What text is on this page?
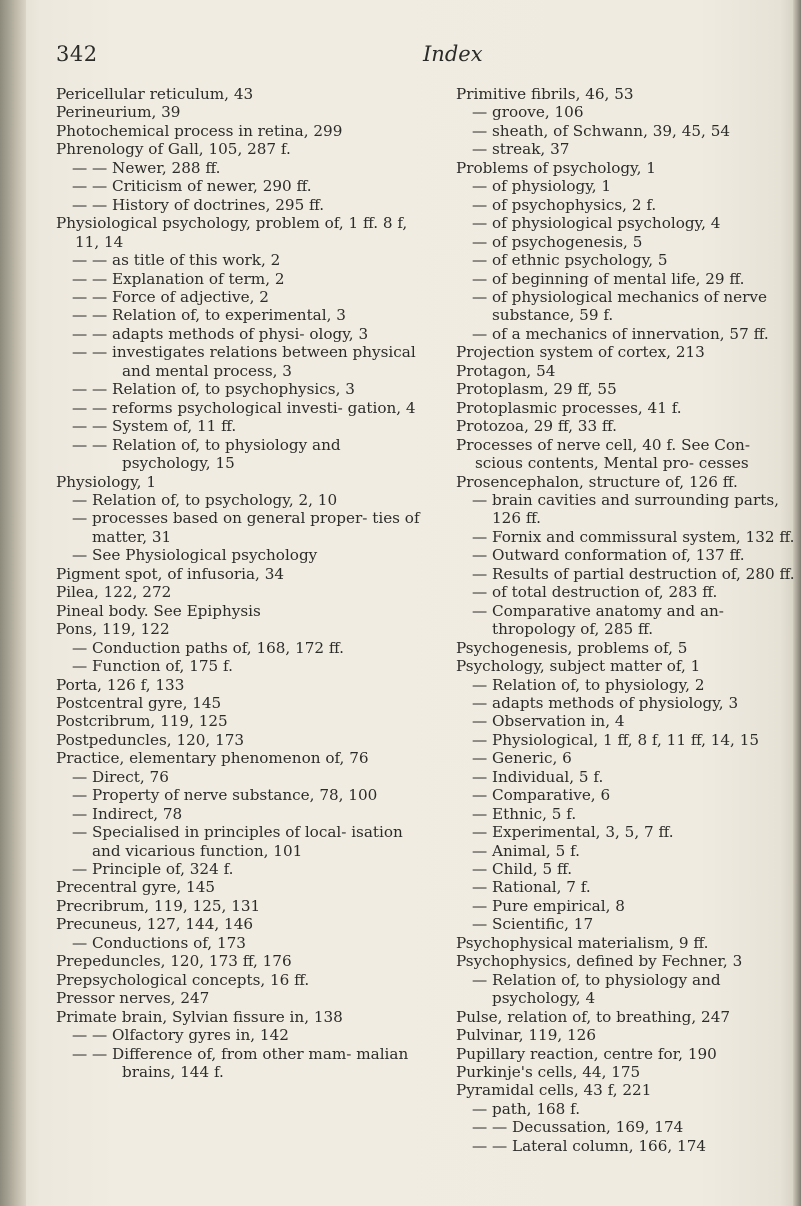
342	Index
Pericellular reticulum, 43
Perineurium, 39
Photochemical process in retina, 299
Phrenology of Gall, 105, 287 f.
— — Newer, 288 ff.
— — Criticism of newer, 290 ff.
— — History of doctrines, 295 ff.
Physiological psychology, problem of, 1 ff. 8 f, 11, 14
— — as title of this work, 2
— — Explanation of term, 2
— — Force of adjective, 2
— — Relation of, to experimental, 3
— — adapts methods of physi- ology, 3
— — investigates relations between physical and mental process, 3
— — Relation of, to psychophysics, 3
— — reforms psychological investi- gation, 4
— — System of, 11 ff.
— — Relation of, to physiology and psychology, 15
Physiology, 1
— Relation of, to psychology, 2, 10
— processes based on general proper- ties of matter, 31
— See Physiological psychology
Pigment spot, of infusoria, 34
Pilea, 122, 272
Pineal body. See Epiphysis
Pons, 119, 122
— Conduction paths of, 168, 172 ff.
— Function of, 175 f.
Porta, 126 f, 133
Postcentral gyre, 145
Postcribrum, 119, 125
Postpeduncles, 120, 173
Practice, elementary phenomenon of, 76
— Direct, 76
— Property of nerve substance, 78, 100
— Indirect, 78
— Specialised in principles of local- isation and vicarious function, 101
— Principle of, 324 f.
Precentral gyre, 145
Precribrum, 119, 125, 131
Precuneus, 127, 144, 146
— Conductions of, 173
Prepeduncles, 120, 173 ff, 176
Prepsychological concepts, 16 ff.
Pressor nerves, 247
Primate brain, Sylvian fissure in, 138
— — Olfactory gyres in, 142
— — Difference of, from other mam- malian brains, 144 f.
Primitive fibrils, 46, 53
— groove, 106
— sheath, of Schwann, 39, 45, 54
— streak, 37
Problems of psychology, 1
— of physiology, 1
— of psychophysics, 2 f.
— of physiological psychology, 4
— of psychogenesis, 5
— of ethnic psychology, 5
— of beginning of mental life, 29 ff.
— of physiological mechanics of nerve substance, 59 f.
— of a mechanics of innervation, 57 ff.
Projection system of cortex, 213
Protagon, 54
Protoplasm, 29 ff, 55
Protoplasmic processes, 41 f.
Protozoa, 29 ff, 33 ff.
Processes of nerve cell, 40 f. See Con- scious contents, Mental pro- cesses
Prosencephalon, structure of, 126 ff.
— brain cavities and surrounding parts, 126 ff.
— Fornix and commissural system, 132 ff.
— Outward conformation of, 137 ff.
— Results of partial destruction of, 280 ff.
— of total destruction of, 283 ff.
— Comparative anatomy and an- thropology of, 285 ff.
Psychogenesis, problems of, 5
Psychology, subject matter of, 1
— Relation of, to physiology, 2
— adapts methods of physiology, 3
— Observation in, 4
— Physiological, 1 ff, 8 f, 11 ff, 14, 15
— Generic, 6
— Individual, 5 f.
— Comparative, 6
— Ethnic, 5 f.
— Experimental, 3, 5, 7 ff.
— Animal, 5 f.
— Child, 5 ff.
— Rational, 7 f.
— Pure empirical, 8
— Scientific, 17
Psychophysical materialism, 9 ff.
Psychophysics, defined by Fechner, 3
— Relation of, to physiology and psychology, 4
Pulse, relation of, to breathing, 247
Pulvinar, 119, 126
Pupillary reaction, centre for, 190
Purkinje's cells, 44, 175
Pyramidal cells, 43 f, 221
— path, 168 f.
— — Decussation, 169, 174
— — Lateral column, 166, 174
